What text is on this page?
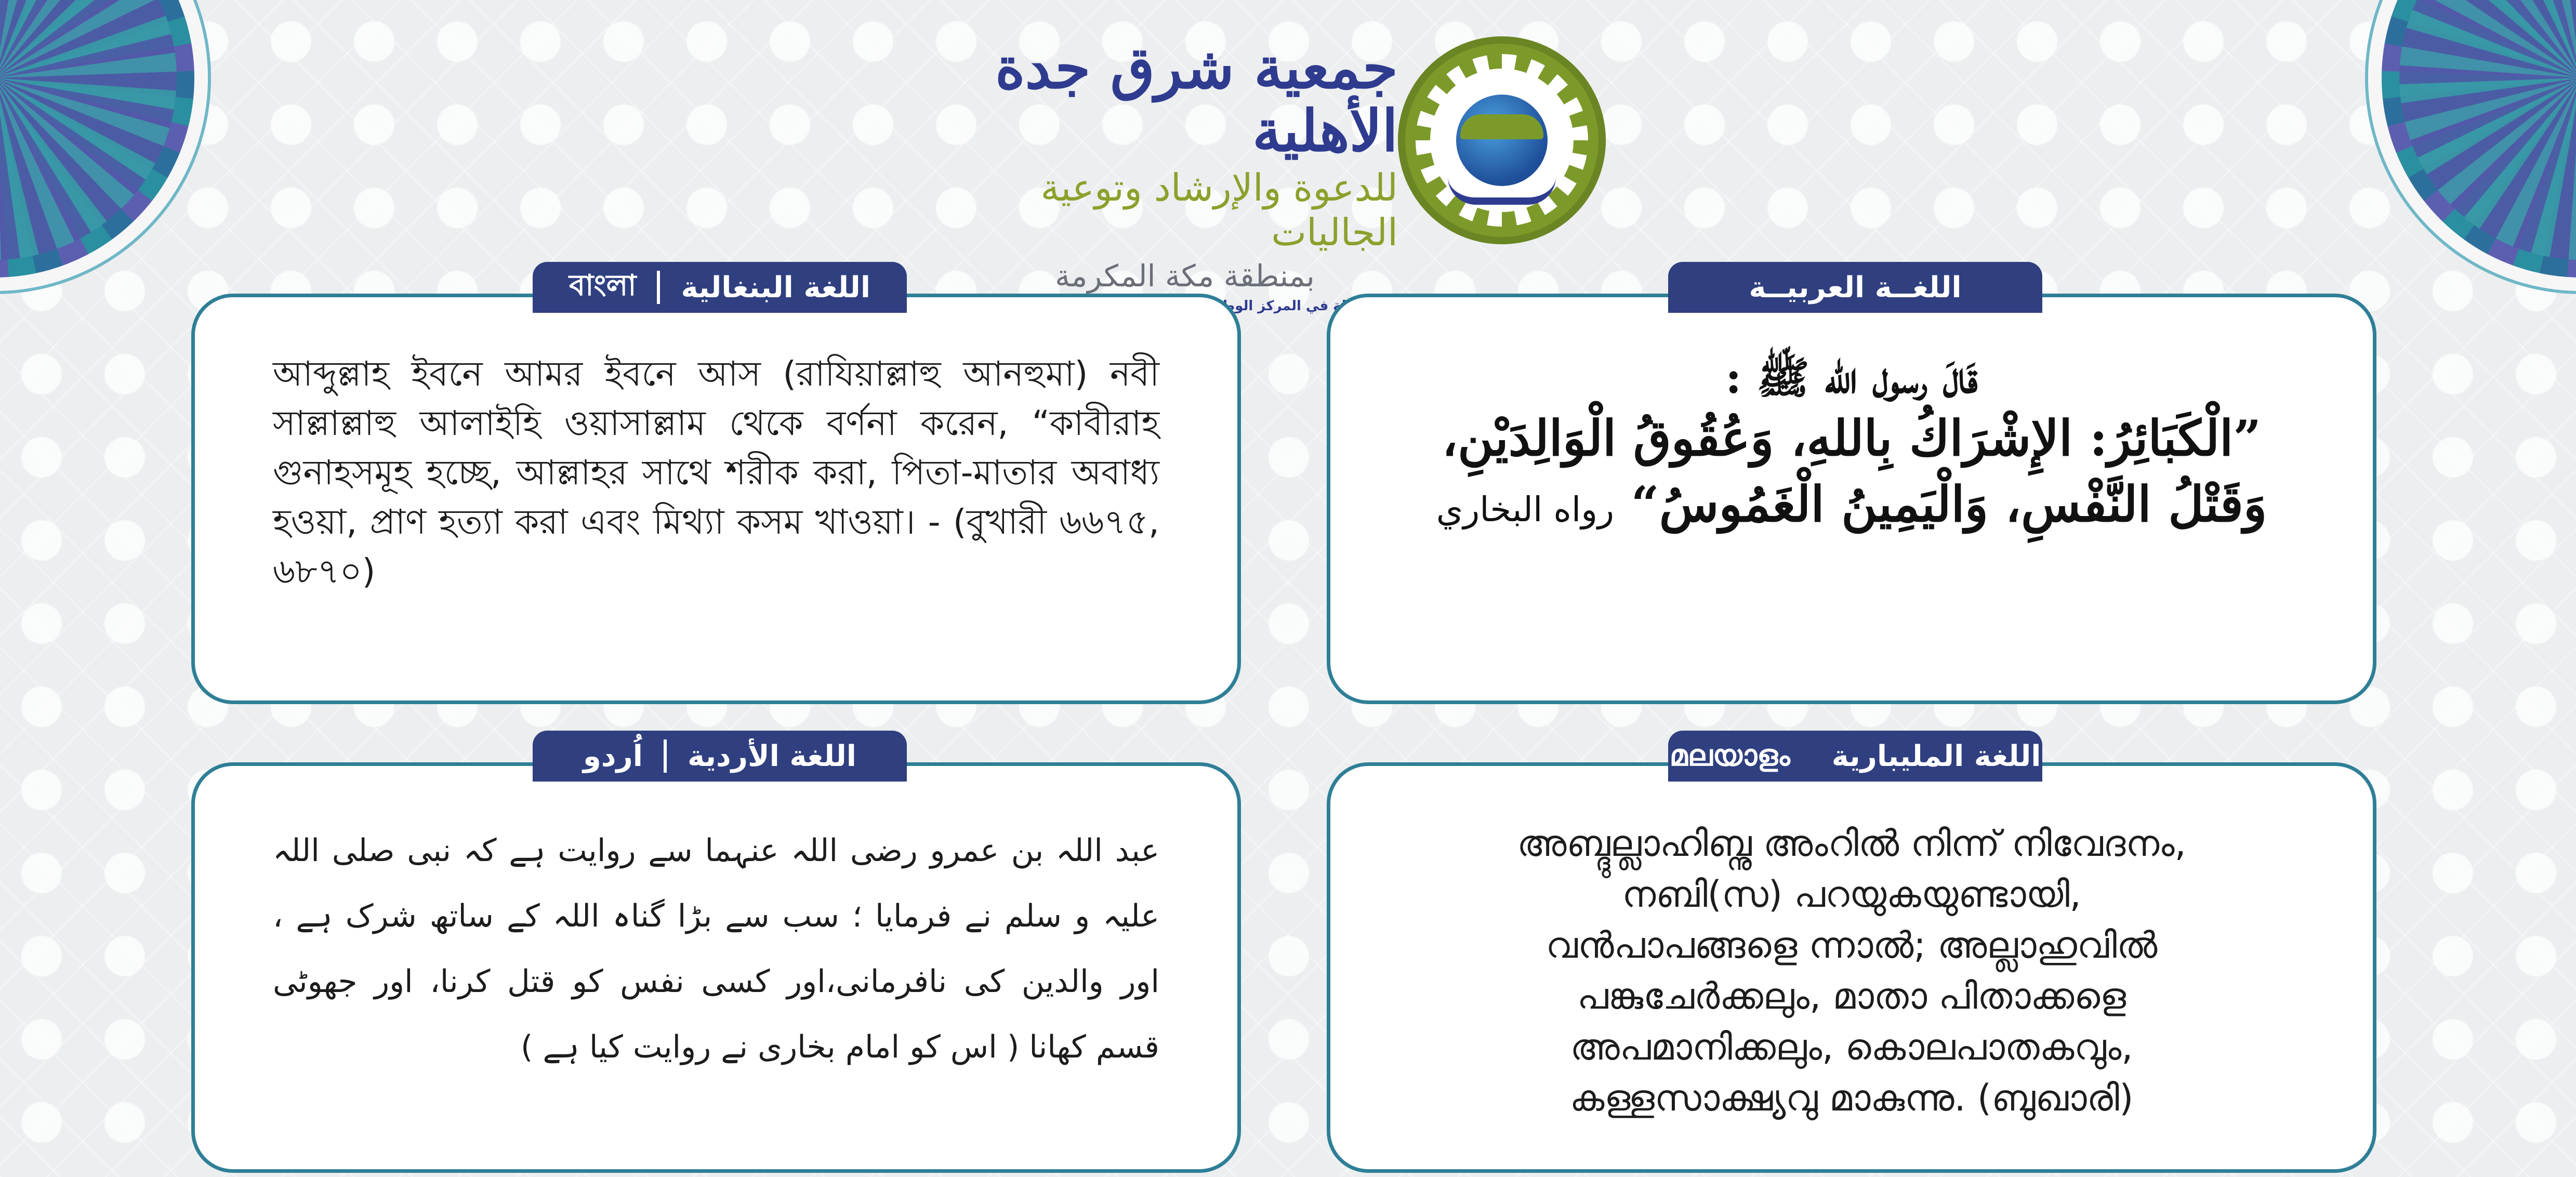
جمعية شرق جدة الأهلية
للدعوة والإرشاد وتوعية الجاليات
بمنطقة مكة المكرمة
في المركز
বাংলা	اللغة البنغالية
আব্দুল্লাহ ইবনে আমর ইবনে আস (রাযিয়াল্লাহু আনহুমা) নবী সাল্লাল্লাহু আলাইহি ওয়াসাল্লাম থেকে বর্ণনা করেন, “কাবীরাহ গুনাহসমূহ হচ্ছে, আল্লাহর সাথে শরীক করা, পিতা-মাতার অবাধ্য হওয়া, প্রাণ হত্যা করা এবং মিথ্যা কসম খাওয়া। - (বুখারী ৬৬৭৫, ৬৮৭০)
اللغــة العربيــة
قَالَ رسول الله ﷺ :
”الْكَبَائِرُ: الإِشْرَاكُ بِاللهِ، وَعُقُوقُ الْوَالِدَيْنِ،
وَقَتْلُ النَّفْسِ، وَالْيَمِينُ الْغَمُوسُ“ رواه البخاري
اُردو	اللغة الأردية
عبد اللہ بن عمرو رضی اللہ عنہما سے روایت ہے کہ نبی صلی اللہ علیہ و سلم نے فرمایا ؛ سب سے بڑا گناہ اللہ کے ساتھ شرک ہے ، اور والدین کی نافرمانی،اور کسی نفس کو قتل کرنا، اور جھوٹی قسم کھانا ( اس کو امام بخاری نے روایت کیا ہے )
മലയാളം	اللغة المليبارية
അബ്ദുല്ലാഹിബ്നു അംറിൽ നിന്ന് നിവേദനം,
നബി(സ) പറയുകയുണ്ടായി,
വൻപാപങ്ങളെ ന്നാൽ; അല്ലാഹുവിൽ
പങ്കുചേർക്കലും, മാതാ പിതാക്കളെ
അപമാനിക്കലും, കൊലപാതകവും,
കള്ളസാക്ഷ്യവു മാകുന്നു. (ബുഖാരി)
